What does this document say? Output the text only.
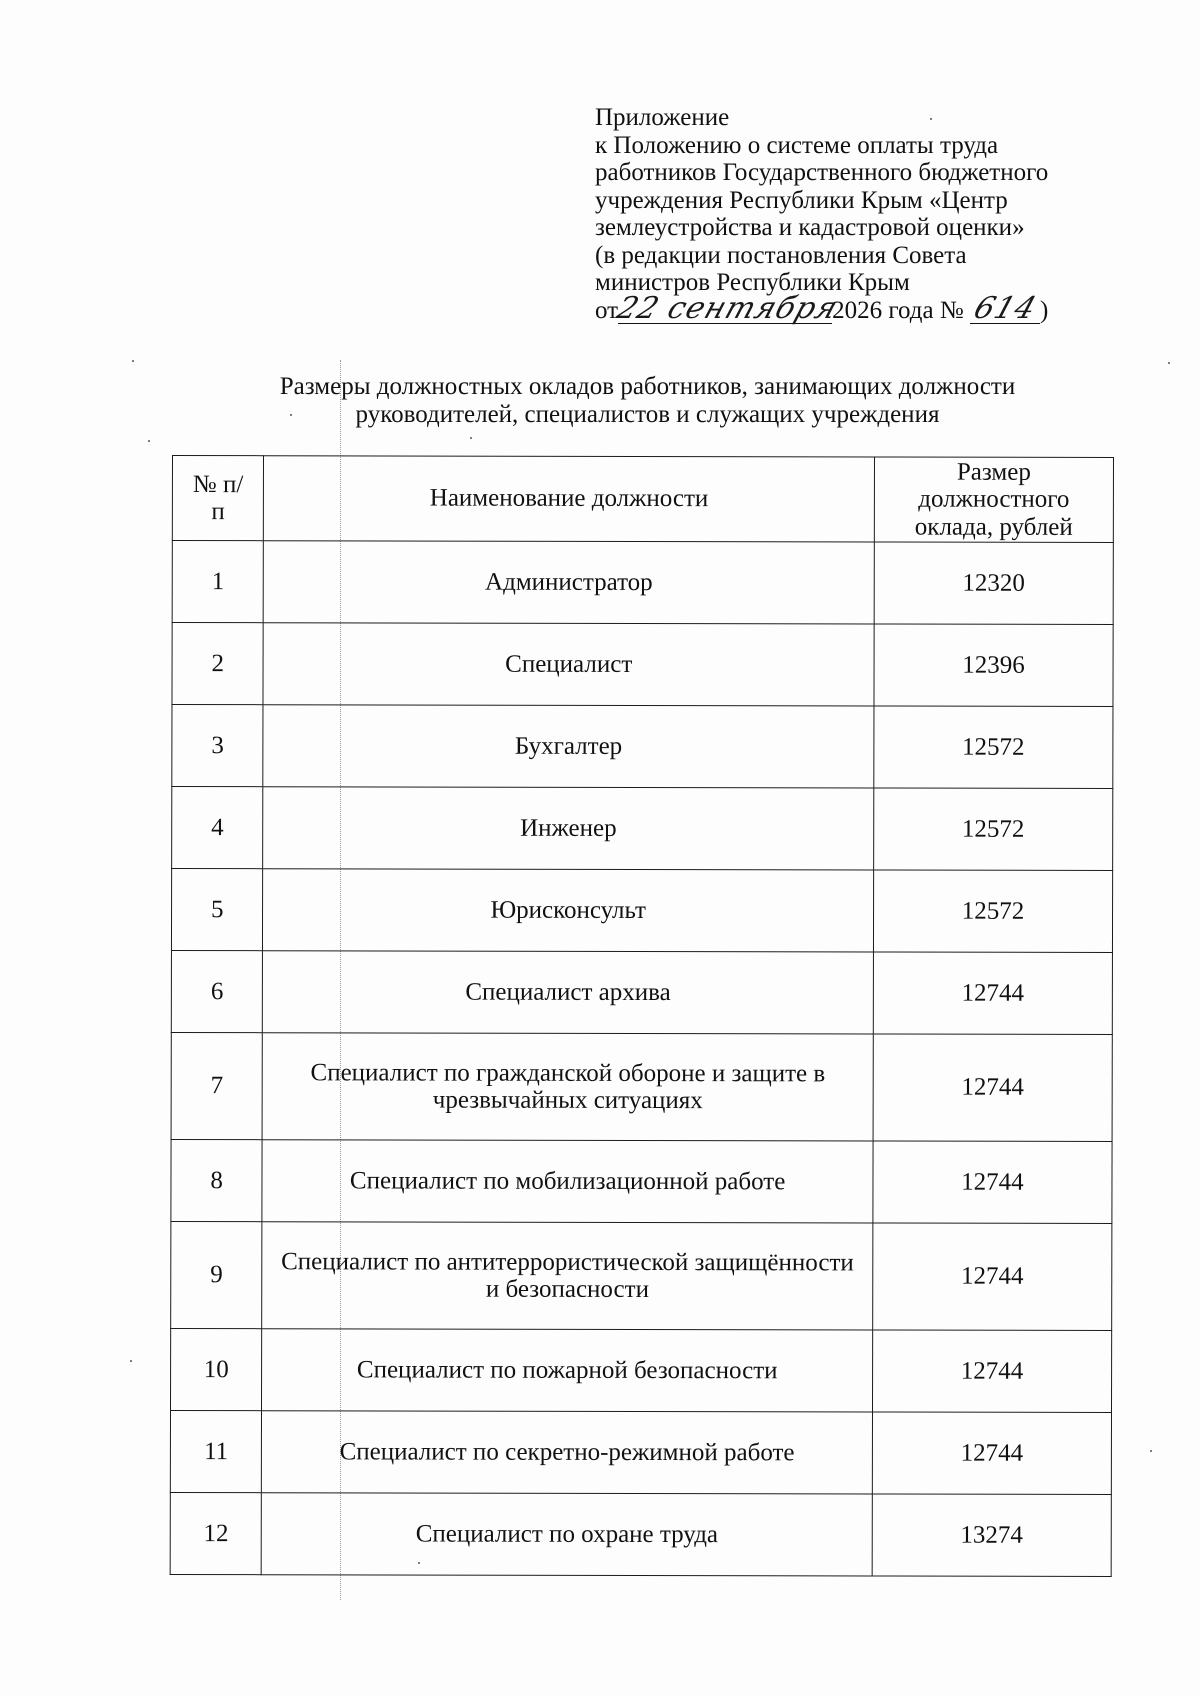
Приложение
к Положению о системе оплаты труда
работников Государственного бюджетного
учреждения Республики Крым «Центр
землеустройства и кадастровой оценки»
(в редакции постановления Совета
министров Республики Крым
от22 сентября2026 года № 614)
Размеры должностных окладов работников, занимающих должности
руководителей, специалистов и служащих учреждения
№ п/п	Наименование должности	Размер должностного оклада, рублей
1	Администратор	12320
2	Специалист	12396
3	Бухгалтер	12572
4	Инженер	12572
5	Юрисконсульт	12572
6	Специалист архива	12744
7	Специалист по гражданской обороне и защите в чрезвычайных ситуациях	12744
8	Специалист по мобилизационной работе	12744
9	Специалист по антитеррористической защищённости и безопасности	12744
10	Специалист по пожарной безопасности	12744
11	Специалист по секретно-режимной работе	12744
12	Специалист по охране труда	13274
